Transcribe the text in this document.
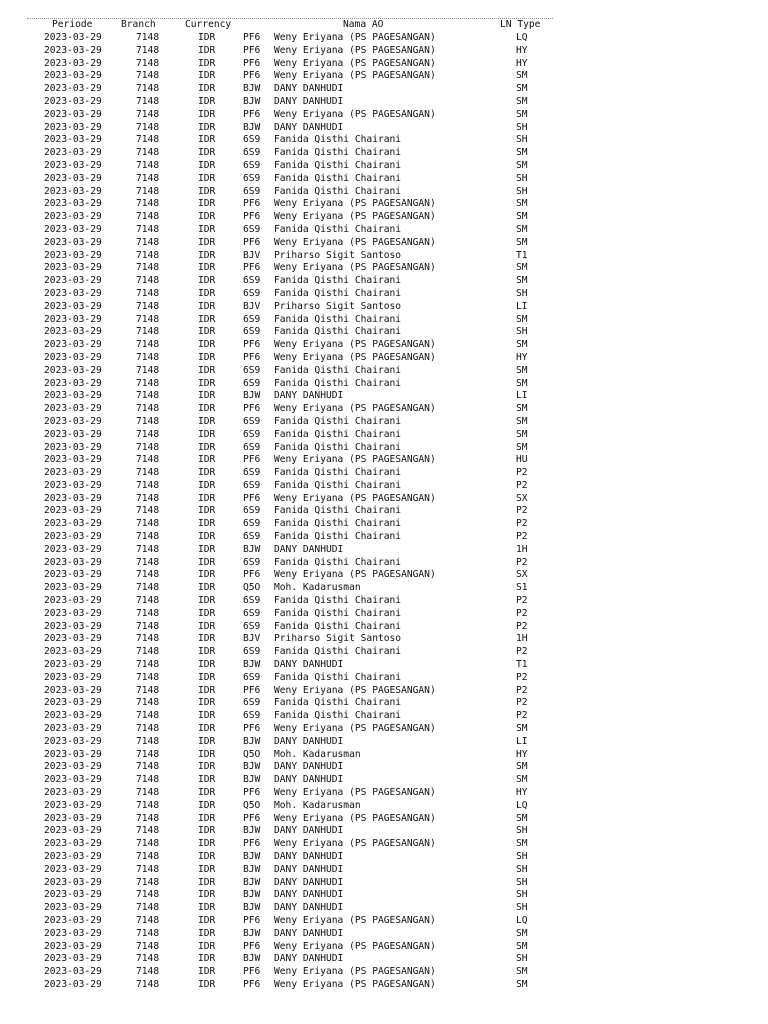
Periode	Branch	Currency	Nama AO	LN Type
2023-03-29	7148	IDR	PF6 Weny Eriyana (PS PAGESANGAN)	LQ
2023-03-29	7148	IDR	PF6 Weny Eriyana (PS PAGESANGAN)	HY
2023-03-29	7148	IDR	PF6 Weny Eriyana (PS PAGESANGAN)	HY
2023-03-29	7148	IDR	PF6 Weny Eriyana (PS PAGESANGAN)	SM
2023-03-29	7148	IDR	BJW DANY DANHUDI	SM
2023-03-29	7148	IDR	BJW DANY DANHUDI	SM
2023-03-29	7148	IDR	PF6 Weny Eriyana (PS PAGESANGAN)	SM
2023-03-29	7148	IDR	BJW DANY DANHUDI	SH
2023-03-29	7148	IDR	6S9 Fanida Qisthi Chairani	SH
2023-03-29	7148	IDR	6S9 Fanida Qisthi Chairani	SM
2023-03-29	7148	IDR	6S9 Fanida Qisthi Chairani	SM
2023-03-29	7148	IDR	6S9 Fanida Qisthi Chairani	SH
2023-03-29	7148	IDR	6S9 Fanida Qisthi Chairani	SH
2023-03-29	7148	IDR	PF6 Weny Eriyana (PS PAGESANGAN)	SM
2023-03-29	7148	IDR	PF6 Weny Eriyana (PS PAGESANGAN)	SM
2023-03-29	7148	IDR	6S9 Fanida Qisthi Chairani	SM
2023-03-29	7148	IDR	PF6 Weny Eriyana (PS PAGESANGAN)	SM
2023-03-29	7148	IDR	BJV Priharso Sigit Santoso	T1
2023-03-29	7148	IDR	PF6 Weny Eriyana (PS PAGESANGAN)	SM
2023-03-29	7148	IDR	6S9 Fanida Qisthi Chairani	SM
2023-03-29	7148	IDR	6S9 Fanida Qisthi Chairani	SH
2023-03-29	7148	IDR	BJV Priharso Sigit Santoso	LI
2023-03-29	7148	IDR	6S9 Fanida Qisthi Chairani	SM
2023-03-29	7148	IDR	6S9 Fanida Qisthi Chairani	SH
2023-03-29	7148	IDR	PF6 Weny Eriyana (PS PAGESANGAN)	SM
2023-03-29	7148	IDR	PF6 Weny Eriyana (PS PAGESANGAN)	HY
2023-03-29	7148	IDR	6S9 Fanida Qisthi Chairani	SM
2023-03-29	7148	IDR	6S9 Fanida Qisthi Chairani	SM
2023-03-29	7148	IDR	BJW DANY DANHUDI	LI
2023-03-29	7148	IDR	PF6 Weny Eriyana (PS PAGESANGAN)	SM
2023-03-29	7148	IDR	6S9 Fanida Qisthi Chairani	SM
2023-03-29	7148	IDR	6S9 Fanida Qisthi Chairani	SM
2023-03-29	7148	IDR	6S9 Fanida Qisthi Chairani	SM
2023-03-29	7148	IDR	PF6 Weny Eriyana (PS PAGESANGAN)	HU
2023-03-29	7148	IDR	6S9 Fanida Qisthi Chairani	P2
2023-03-29	7148	IDR	6S9 Fanida Qisthi Chairani	P2
2023-03-29	7148	IDR	PF6 Weny Eriyana (PS PAGESANGAN)	SX
2023-03-29	7148	IDR	6S9 Fanida Qisthi Chairani	P2
2023-03-29	7148	IDR	6S9 Fanida Qisthi Chairani	P2
2023-03-29	7148	IDR	6S9 Fanida Qisthi Chairani	P2
2023-03-29	7148	IDR	BJW DANY DANHUDI	1H
2023-03-29	7148	IDR	6S9 Fanida Qisthi Chairani	P2
2023-03-29	7148	IDR	PF6 Weny Eriyana (PS PAGESANGAN)	SX
2023-03-29	7148	IDR	Q5O Moh. Kadarusman	S1
2023-03-29	7148	IDR	6S9 Fanida Qisthi Chairani	P2
2023-03-29	7148	IDR	6S9 Fanida Qisthi Chairani	P2
2023-03-29	7148	IDR	6S9 Fanida Qisthi Chairani	P2
2023-03-29	7148	IDR	BJV Priharso Sigit Santoso	1H
2023-03-29	7148	IDR	6S9 Fanida Qisthi Chairani	P2
2023-03-29	7148	IDR	BJW DANY DANHUDI	T1
2023-03-29	7148	IDR	6S9 Fanida Qisthi Chairani	P2
2023-03-29	7148	IDR	PF6 Weny Eriyana (PS PAGESANGAN)	P2
2023-03-29	7148	IDR	6S9 Fanida Qisthi Chairani	P2
2023-03-29	7148	IDR	6S9 Fanida Qisthi Chairani	P2
2023-03-29	7148	IDR	PF6 Weny Eriyana (PS PAGESANGAN)	SM
2023-03-29	7148	IDR	BJW DANY DANHUDI	LI
2023-03-29	7148	IDR	Q5O Moh. Kadarusman	HY
2023-03-29	7148	IDR	BJW DANY DANHUDI	SM
2023-03-29	7148	IDR	BJW DANY DANHUDI	SM
2023-03-29	7148	IDR	PF6 Weny Eriyana (PS PAGESANGAN)	HY
2023-03-29	7148	IDR	Q5O Moh. Kadarusman	LQ
2023-03-29	7148	IDR	PF6 Weny Eriyana (PS PAGESANGAN)	SM
2023-03-29	7148	IDR	BJW DANY DANHUDI	SH
2023-03-29	7148	IDR	PF6 Weny Eriyana (PS PAGESANGAN)	SM
2023-03-29	7148	IDR	BJW DANY DANHUDI	SH
2023-03-29	7148	IDR	BJW DANY DANHUDI	SH
2023-03-29	7148	IDR	BJW DANY DANHUDI	SH
2023-03-29	7148	IDR	BJW DANY DANHUDI	SH
2023-03-29	7148	IDR	BJW DANY DANHUDI	SH
2023-03-29	7148	IDR	PF6 Weny Eriyana (PS PAGESANGAN)	LQ
2023-03-29	7148	IDR	BJW DANY DANHUDI	SM
2023-03-29	7148	IDR	PF6 Weny Eriyana (PS PAGESANGAN)	SM
2023-03-29	7148	IDR	BJW DANY DANHUDI	SH
2023-03-29	7148	IDR	PF6 Weny Eriyana (PS PAGESANGAN)	SM
2023-03-29	7148	IDR	PF6 Weny Eriyana (PS PAGESANGAN)	SM
